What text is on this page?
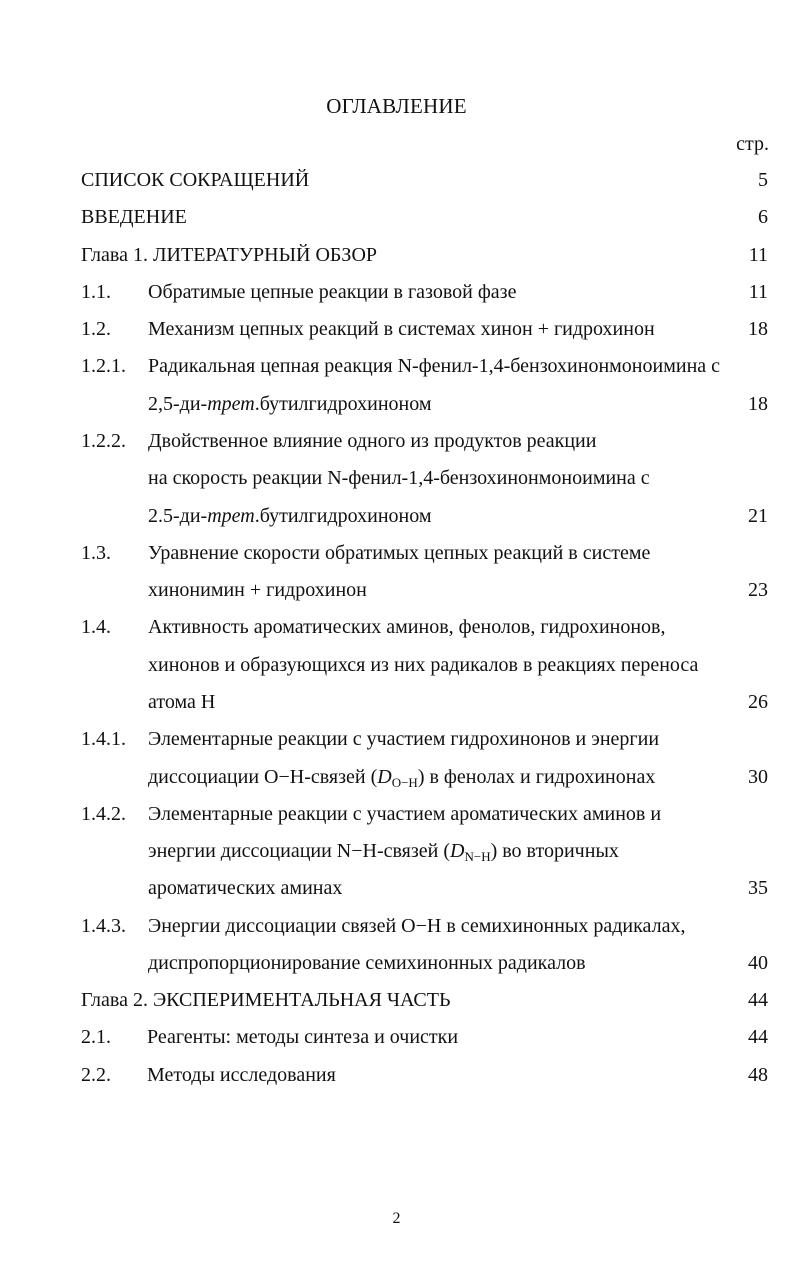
ОГЛАВЛЕНИЕ
стр.
СПИСОК СОКРАЩЕНИЙ	5
ВВЕДЕНИЕ	6
Глава 1. ЛИТЕРАТУРНЫЙ ОБЗОР	11
1.1. Обратимые цепные реакции в газовой фазе	11
1.2. Механизм цепных реакций в системах хинон + гидрохинон	18
1.2.1. Радикальная цепная реакция N-фенил-1,4-бензохинонмоноимина с
2,5-ди-трет.бутилгидрохиноном	18
1.2.2. Двойственное влияние одного из продуктов реакции
на скорость реакции N-фенил-1,4-бензохинонмоноимина с
2.5-ди-трет.бутилгидрохиноном	21
1.3. Уравнение скорости обратимых цепных реакций в системе
хинонимин + гидрохинон	23
1.4. Активность ароматических аминов, фенолов, гидрохинонов,
хинонов и образующихся из них радикалов в реакциях переноса
атома Н	26
1.4.1. Элементарные реакции с участием гидрохинонов и энергии
диссоциации О−Н-связей $(D_{O-H})$ в фенолах и гидрохинонах	30
1.4.2. Элементарные реакции с участием ароматических аминов и
энергии диссоциации N−H-связей $(D_{N-H})$ во вторичных
ароматических аминах	35
1.4.3. Энергии диссоциации связей О−Н в семихинонных радикалах,
диспропорционирование семихинонных радикалов	40
Глава 2. ЭКСПЕРИМЕНТАЛЬНАЯ ЧАСТЬ	44
2.1. Реагенты: методы синтеза и очистки	44
2.2. Методы исследования	48
2
